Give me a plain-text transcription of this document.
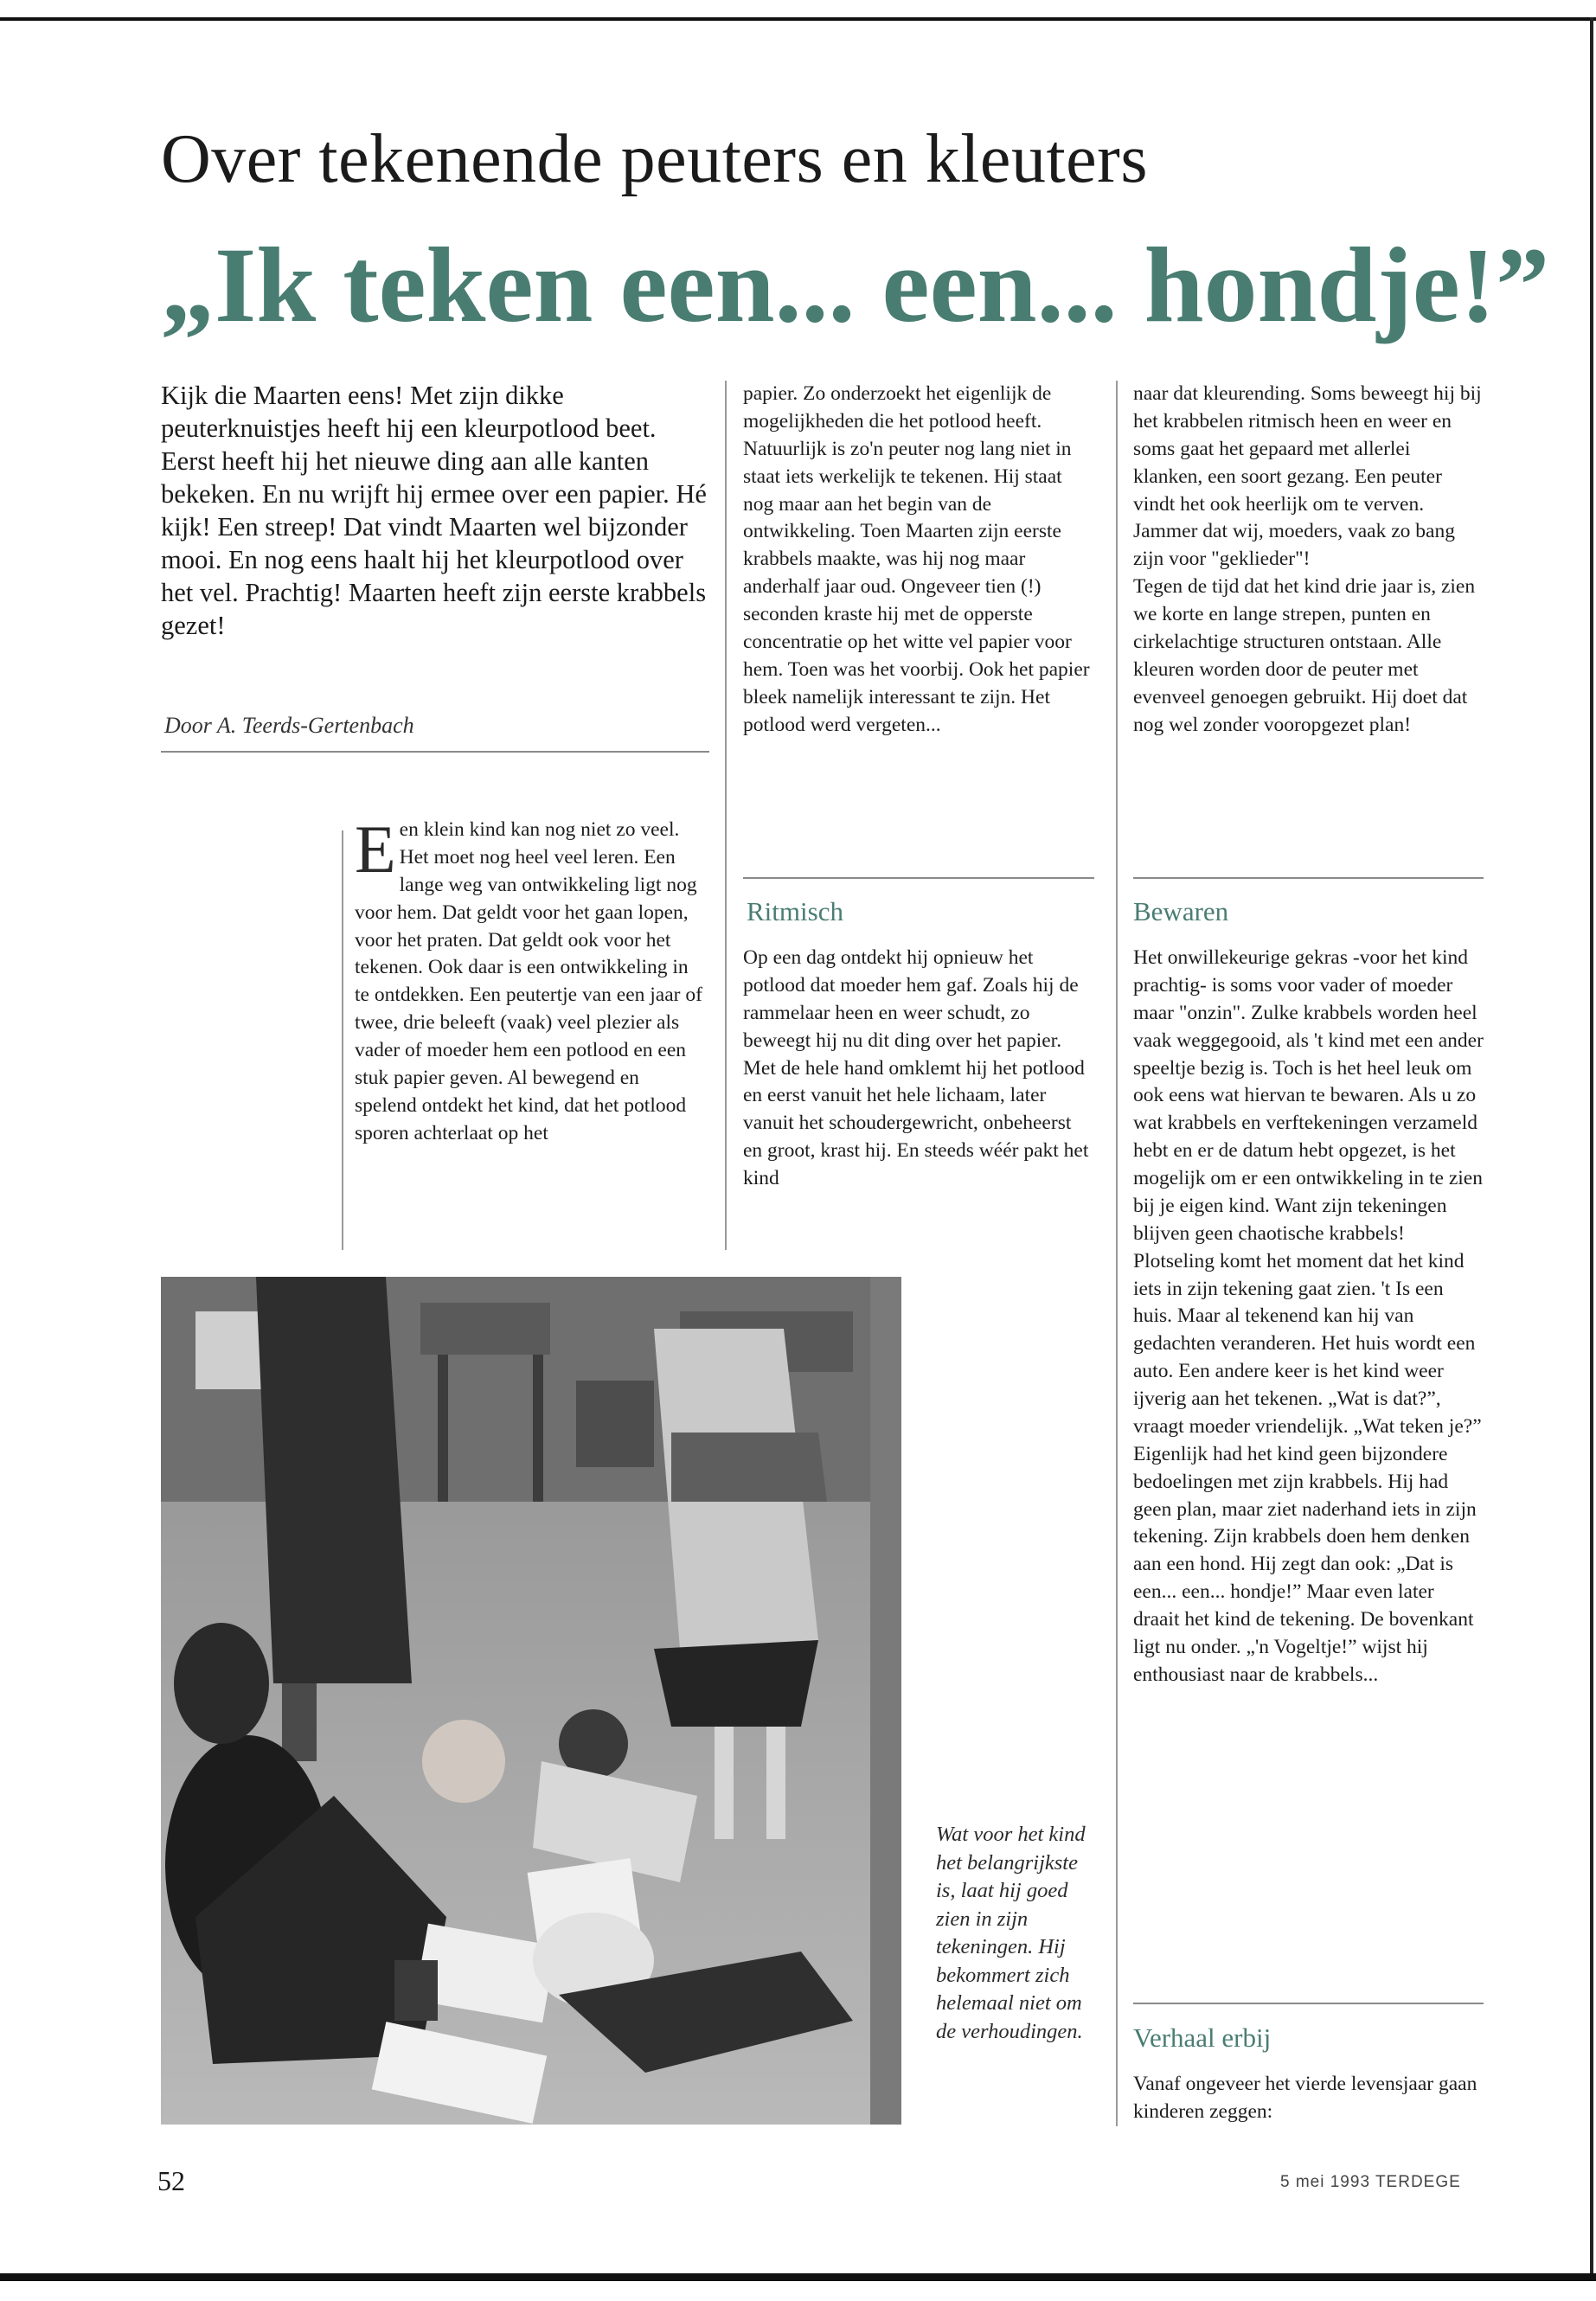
Over tekenende peuters en kleuters
„Ik teken een... een... hondje!”

Kijk die Maarten eens! Met zijn dikke peuterknuistjes heeft hij een kleurpotlood beet. Eerst heeft hij het nieuwe ding aan alle kanten bekeken. En nu wrijft hij ermee over een papier. Hé kijk! Een streep! Dat vindt Maarten wel bijzonder mooi. En nog eens haalt hij het kleurpotlood over het vel. Prachtig! Maarten heeft zijn eerste krabbels gezet!

Door A. Teerds-Gertenbach

Een klein kind kan nog niet zo veel. Het moet nog heel veel leren. Een lange weg van ontwikkeling ligt nog voor hem. Dat geldt voor het gaan lopen, voor het praten. Dat geldt ook voor het tekenen. Ook daar is een ontwikkeling in te ontdekken. Een peutertje van een jaar of twee, drie beleeft (vaak) veel plezier als vader of moeder hem een potlood en een stuk papier geven. Al bewegend en spelend ontdekt het kind, dat het potlood sporen achterlaat op het

papier. Zo onderzoekt het eigenlijk de mogelijkheden die het potlood heeft. Natuurlijk is zo'n peuter nog lang niet in staat iets werkelijk te tekenen. Hij staat nog maar aan het begin van de ontwikkeling. Toen Maarten zijn eerste krabbels maakte, was hij nog maar anderhalf jaar oud. Ongeveer tien (!) seconden kraste hij met de opperste concentratie op het witte vel papier voor hem. Toen was het voorbij. Ook het papier bleek namelijk interessant te zijn. Het potlood werd vergeten...

Ritmisch

Op een dag ontdekt hij opnieuw het potlood dat moeder hem gaf. Zoals hij de rammelaar heen en weer schudt, zo beweegt hij nu dit ding over het papier. Met de hele hand omklemt hij het potlood en eerst vanuit het hele lichaam, later vanuit het schoudergewricht, onbeheerst en groot, krast hij. En steeds wéér pakt het kind

naar dat kleurending. Soms beweegt hij bij het krabbelen ritmisch heen en weer en soms gaat het gepaard met allerlei klanken, een soort gezang. Een peuter vindt het ook heerlijk om te verven. Jammer dat wij, moeders, vaak zo bang zijn voor "geklieder"!

Tegen de tijd dat het kind drie jaar is, zien we korte en lange strepen, punten en cirkelachtige structuren ontstaan. Alle kleuren worden door de peuter met evenveel genoegen gebruikt. Hij doet dat nog wel zonder vooropgezet plan!

Bewaren

Het onwillekeurige gekras -voor het kind prachtig- is soms voor vader of moeder maar "onzin". Zulke krabbels worden heel vaak weggegooid, als 't kind met een ander speeltje bezig is. Toch is het heel leuk om ook eens wat hiervan te bewaren. Als u zo wat krabbels en verftekeningen verzameld hebt en er de datum hebt opgezet, is het mogelijk om er een ontwikkeling in te zien bij je eigen kind. Want zijn tekeningen blijven geen chaotische krabbels!

Plotseling komt het moment dat het kind iets in zijn tekening gaat zien. 't Is een huis. Maar al tekenend kan hij van gedachten veranderen. Het huis wordt een auto. Een andere keer is het kind weer ijverig aan het tekenen. „Wat is dat?”, vraagt moeder vriendelijk. „Wat teken je?” Eigenlijk had het kind geen bijzondere bedoelingen met zijn krabbels. Hij had geen plan, maar ziet naderhand iets in zijn tekening. Zijn krabbels doen hem denken aan een hond. Hij zegt dan ook: „Dat is een... een... hondje!” Maar even later draait het kind de tekening. De bovenkant ligt nu onder. „'n Vogeltje!” wijst hij enthousiast naar de krabbels...

Verhaal erbij

Vanaf ongeveer het vierde levensjaar gaan kinderen zeggen:

Wat voor het kind het belangrijkste is, laat hij goed zien in zijn tekeningen. Hij bekommert zich helemaal niet om de verhoudingen.

52	5 mei 1993 TERDEGE
